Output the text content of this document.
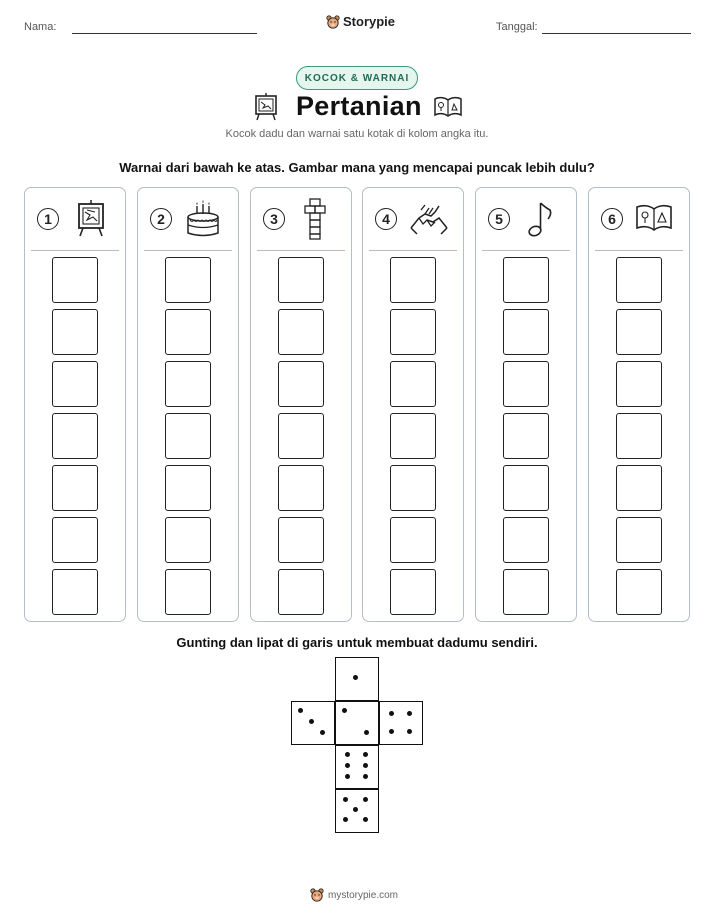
Nama:	Storypie	Tanggal:
KOCOK & WARNAI
Pertanian
Kocok dadu dan warnai satu kotak di kolom angka itu.
Warnai dari bawah ke atas. Gambar mana yang mencapai puncak lebih dulu?
1	2	3	4	5	6
Gunting dan lipat di garis untuk membuat dadumu sendiri.
mystorypie.com
